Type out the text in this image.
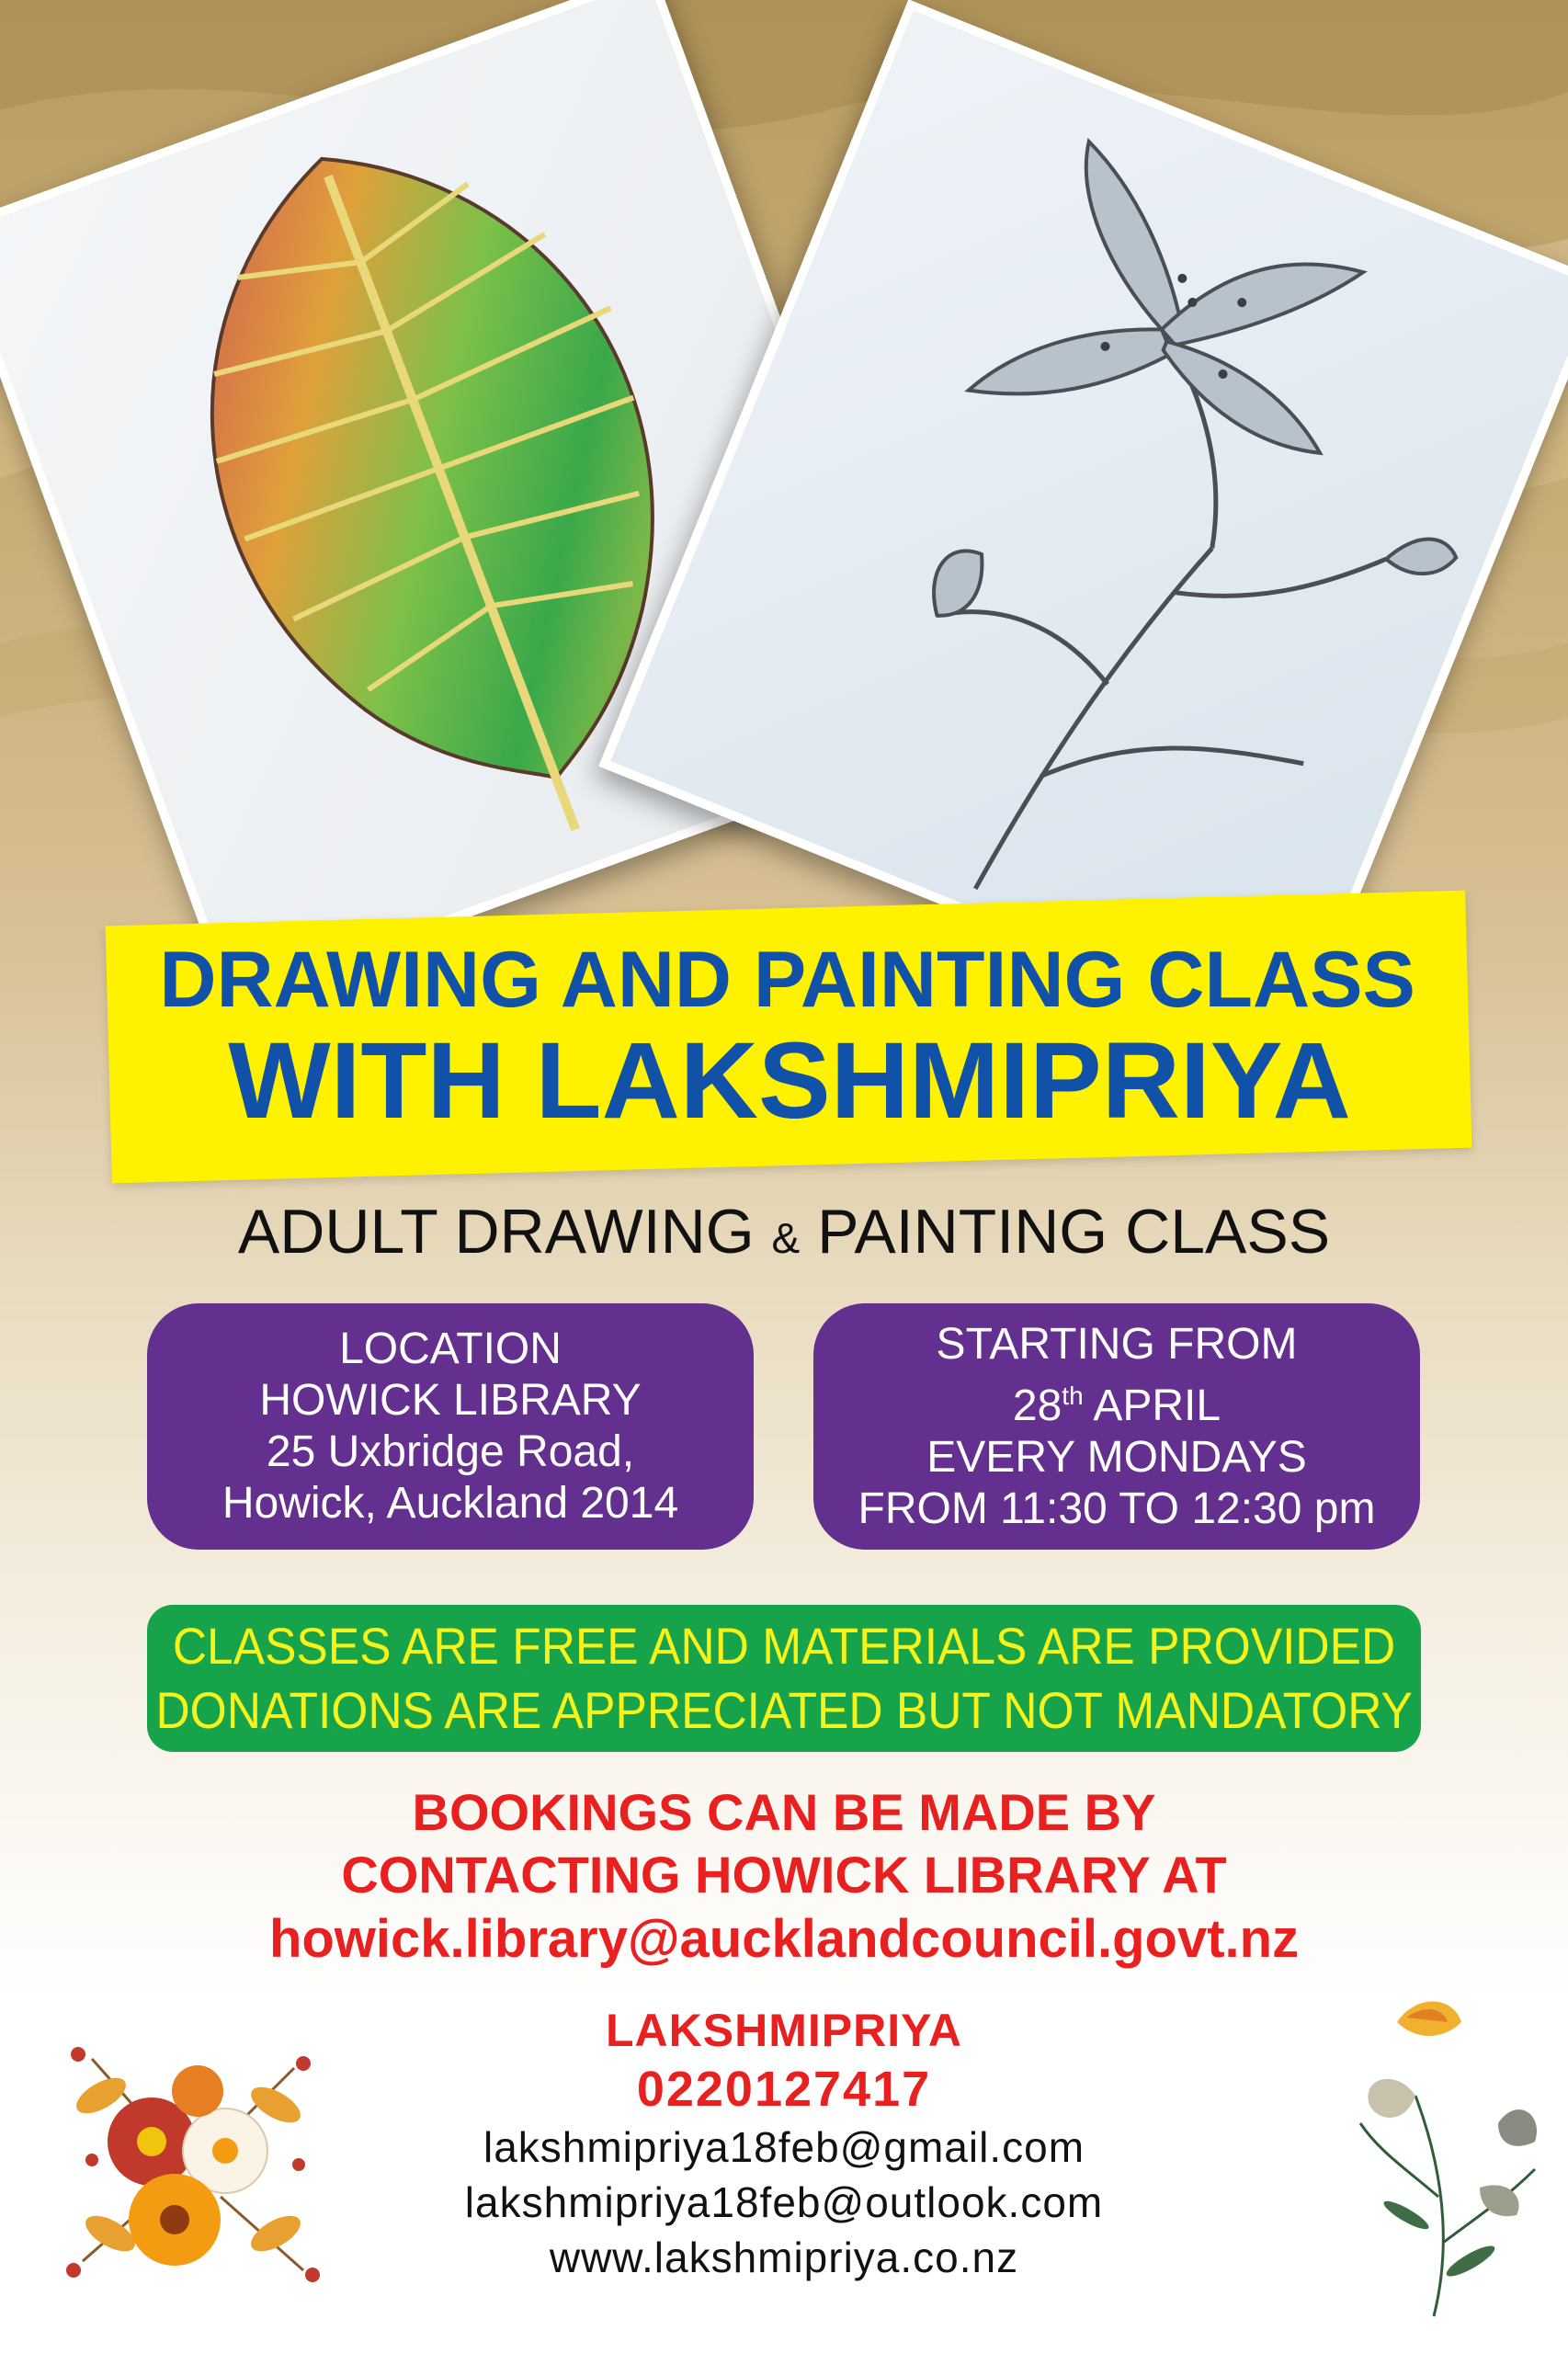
DRAWING AND PAINTING CLASS
WITH LAKSHMIPRIYA
ADULT DRAWING & PAINTING CLASS
LOCATION
HOWICK LIBRARY
25 Uxbridge Road,
Howick, Auckland 2014
STARTING FROM
28th APRIL
EVERY MONDAYS
FROM 11:30 TO 12:30 pm
CLASSES ARE FREE AND MATERIALS ARE PROVIDED
DONATIONS ARE APPRECIATED BUT NOT MANDATORY
BOOKINGS CAN BE MADE BY
CONTACTING HOWICK LIBRARY AT
howick.library@aucklandcouncil.govt.nz
LAKSHMIPRIYA
0220127417
lakshmipriya18feb@gmail.com
lakshmipriya18feb@outlook.com
www.lakshmipriya.co.nz
